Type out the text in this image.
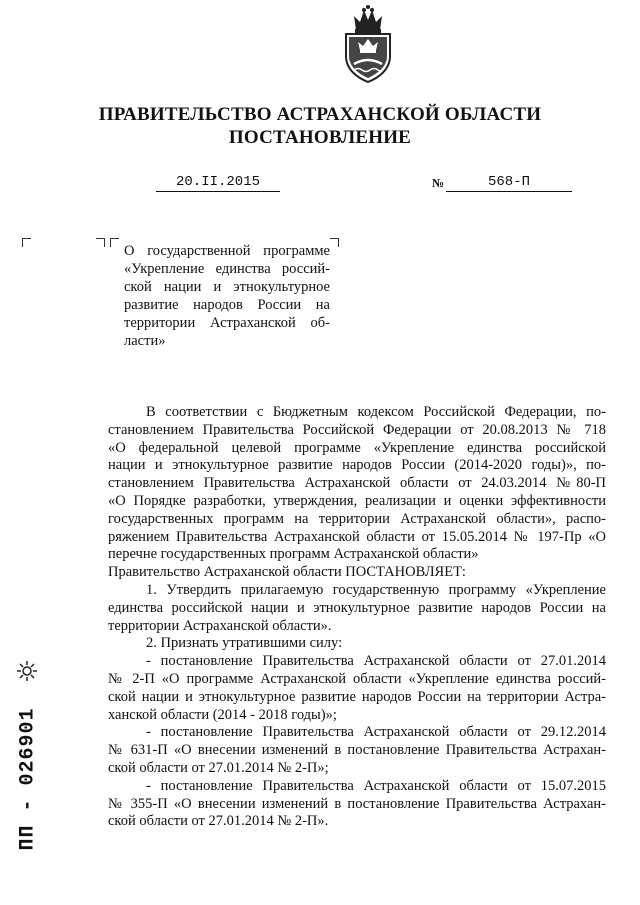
ПРАВИТЕЛЬСТВО АСТРАХАНСКОЙ ОБЛАСТИ
ПОСТАНОВЛЕНИЕ
20.II.2015	№	568-П
О государственной программе
«Укрепление единства россий-
ской нации и этнокультурное
развитие народов России на
территории Астраханской об-
ласти»
В соответствии с Бюджетным кодексом Российской Федерации, по-
становлением Правительства Российской Федерации от 20.08.2013 № 718
«О федеральной целевой программе «Укрепление единства российской
нации и этнокультурное развитие народов России (2014-2020 годы)», по-
становлением Правительства Астраханской области от 24.03.2014 №80-П
«О Порядке разработки, утверждения, реализации и оценки эффективности
государственных программ на территории Астраханской области», распо-
ряжением Правительства Астраханской области от 15.05.2014 № 197-Пр «О
перечне государственных программ Астраханской области»
Правительство Астраханской области ПОСТАНОВЛЯЕТ:
1. Утвердить прилагаемую государственную программу «Укрепление
единства российской нации и этнокультурное развитие народов России на
территории Астраханской области».
2. Признать утратившими силу:
- постановление Правительства Астраханской области от 27.01.2014
№ 2-П «О программе Астраханской области «Укрепление единства россий-
ской нации и этнокультурное развитие народов России на территории Астра-
ханской области (2014 - 2018 годы)»;
- постановление Правительства Астраханской области от 29.12.2014
№ 631-П «О внесении изменений в постановление Правительства Астрахан-
ской области от 27.01.2014 № 2-П»;
- постановление Правительства Астраханской области от 15.07.2015
№ 355-П «О внесении изменений в постановление Правительства Астрахан-
ской области от 27.01.2014 № 2-П».
ПП - 026901
